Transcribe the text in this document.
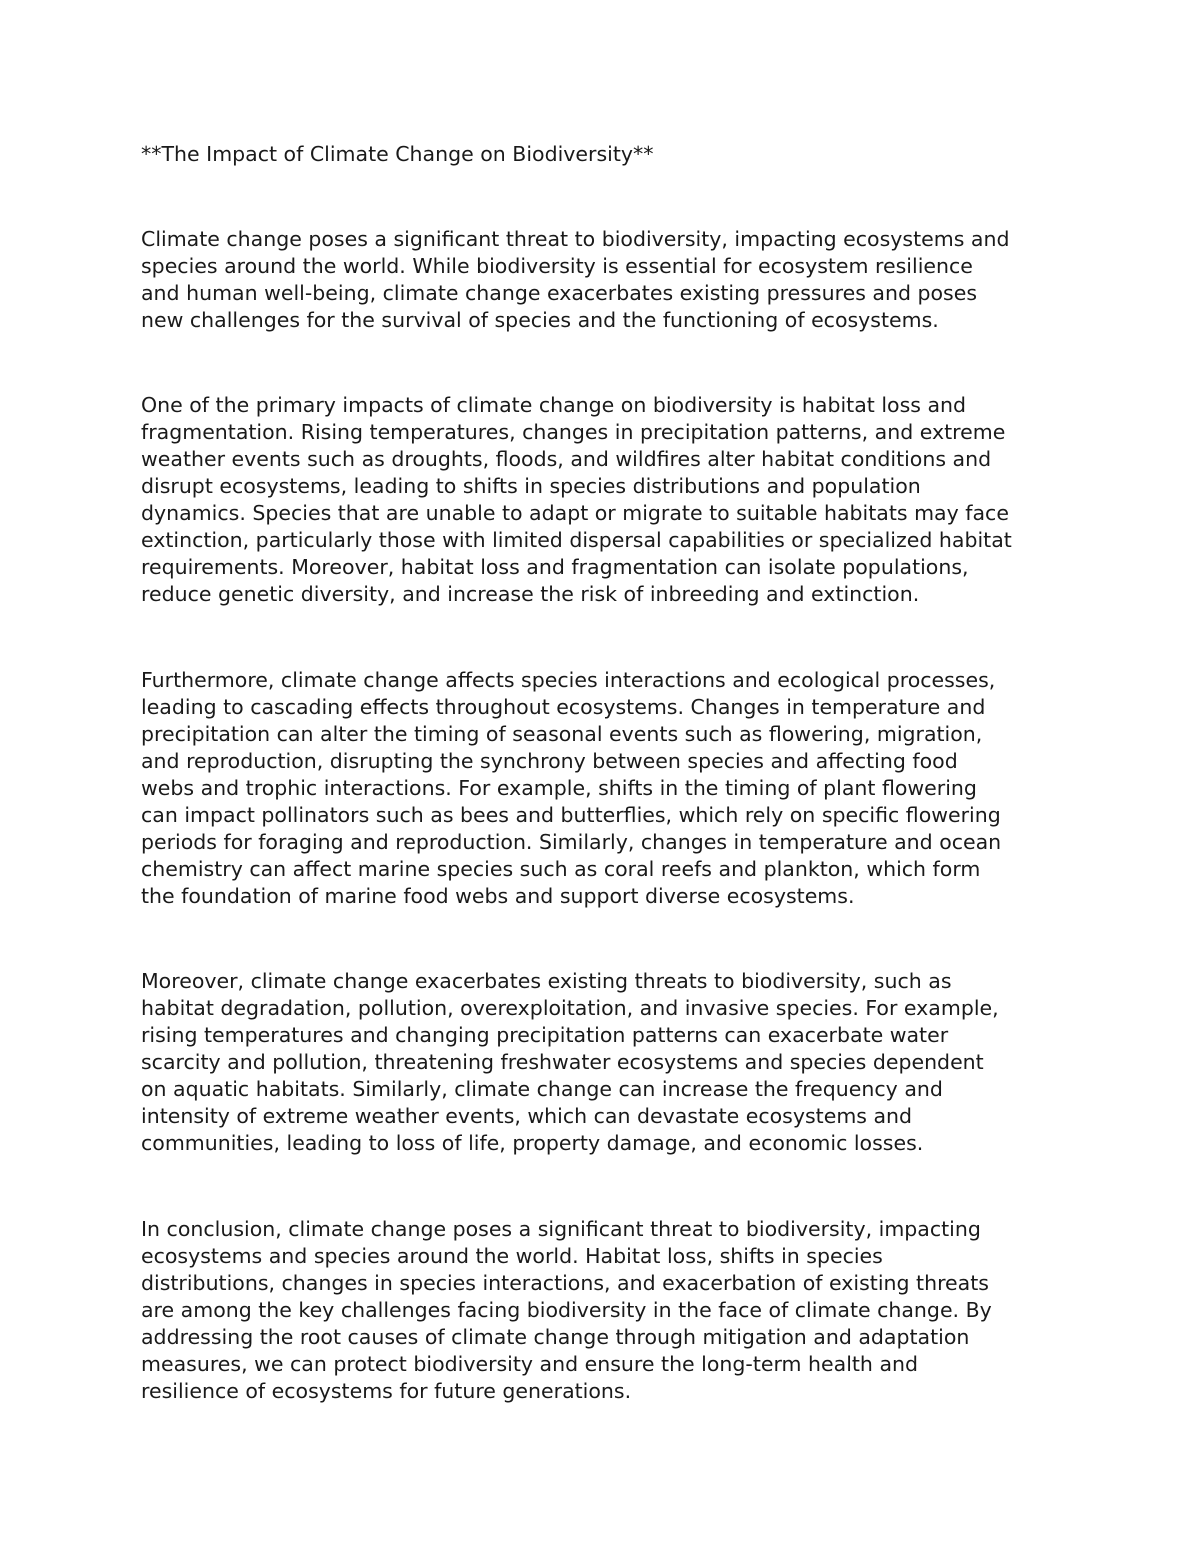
**The Impact of Climate Change on Biodiversity**

Climate change poses a significant threat to biodiversity, impacting ecosystems and

species around the world. While biodiversity is essential for ecosystem resilience

and human well-being, climate change exacerbates existing pressures and poses

new challenges for the survival of species and the functioning of ecosystems.

One of the primary impacts of climate change on biodiversity is habitat loss and

fragmentation. Rising temperatures, changes in precipitation patterns, and extreme

weather events such as droughts, floods, and wildfires alter habitat conditions and

disrupt ecosystems, leading to shifts in species distributions and population

dynamics. Species that are unable to adapt or migrate to suitable habitats may face

extinction, particularly those with limited dispersal capabilities or specialized habitat

requirements. Moreover, habitat loss and fragmentation can isolate populations,

reduce genetic diversity, and increase the risk of inbreeding and extinction.

Furthermore, climate change affects species interactions and ecological processes,

leading to cascading effects throughout ecosystems. Changes in temperature and

precipitation can alter the timing of seasonal events such as flowering, migration,

and reproduction, disrupting the synchrony between species and affecting food

webs and trophic interactions. For example, shifts in the timing of plant flowering

can impact pollinators such as bees and butterflies, which rely on specific flowering

periods for foraging and reproduction. Similarly, changes in temperature and ocean

chemistry can affect marine species such as coral reefs and plankton, which form

the foundation of marine food webs and support diverse ecosystems.

Moreover, climate change exacerbates existing threats to biodiversity, such as

habitat degradation, pollution, overexploitation, and invasive species. For example,

rising temperatures and changing precipitation patterns can exacerbate water

scarcity and pollution, threatening freshwater ecosystems and species dependent

on aquatic habitats. Similarly, climate change can increase the frequency and

intensity of extreme weather events, which can devastate ecosystems and

communities, leading to loss of life, property damage, and economic losses.

In conclusion, climate change poses a significant threat to biodiversity, impacting

ecosystems and species around the world. Habitat loss, shifts in species

distributions, changes in species interactions, and exacerbation of existing threats

are among the key challenges facing biodiversity in the face of climate change. By

addressing the root causes of climate change through mitigation and adaptation

measures, we can protect biodiversity and ensure the long-term health and

resilience of ecosystems for future generations.
